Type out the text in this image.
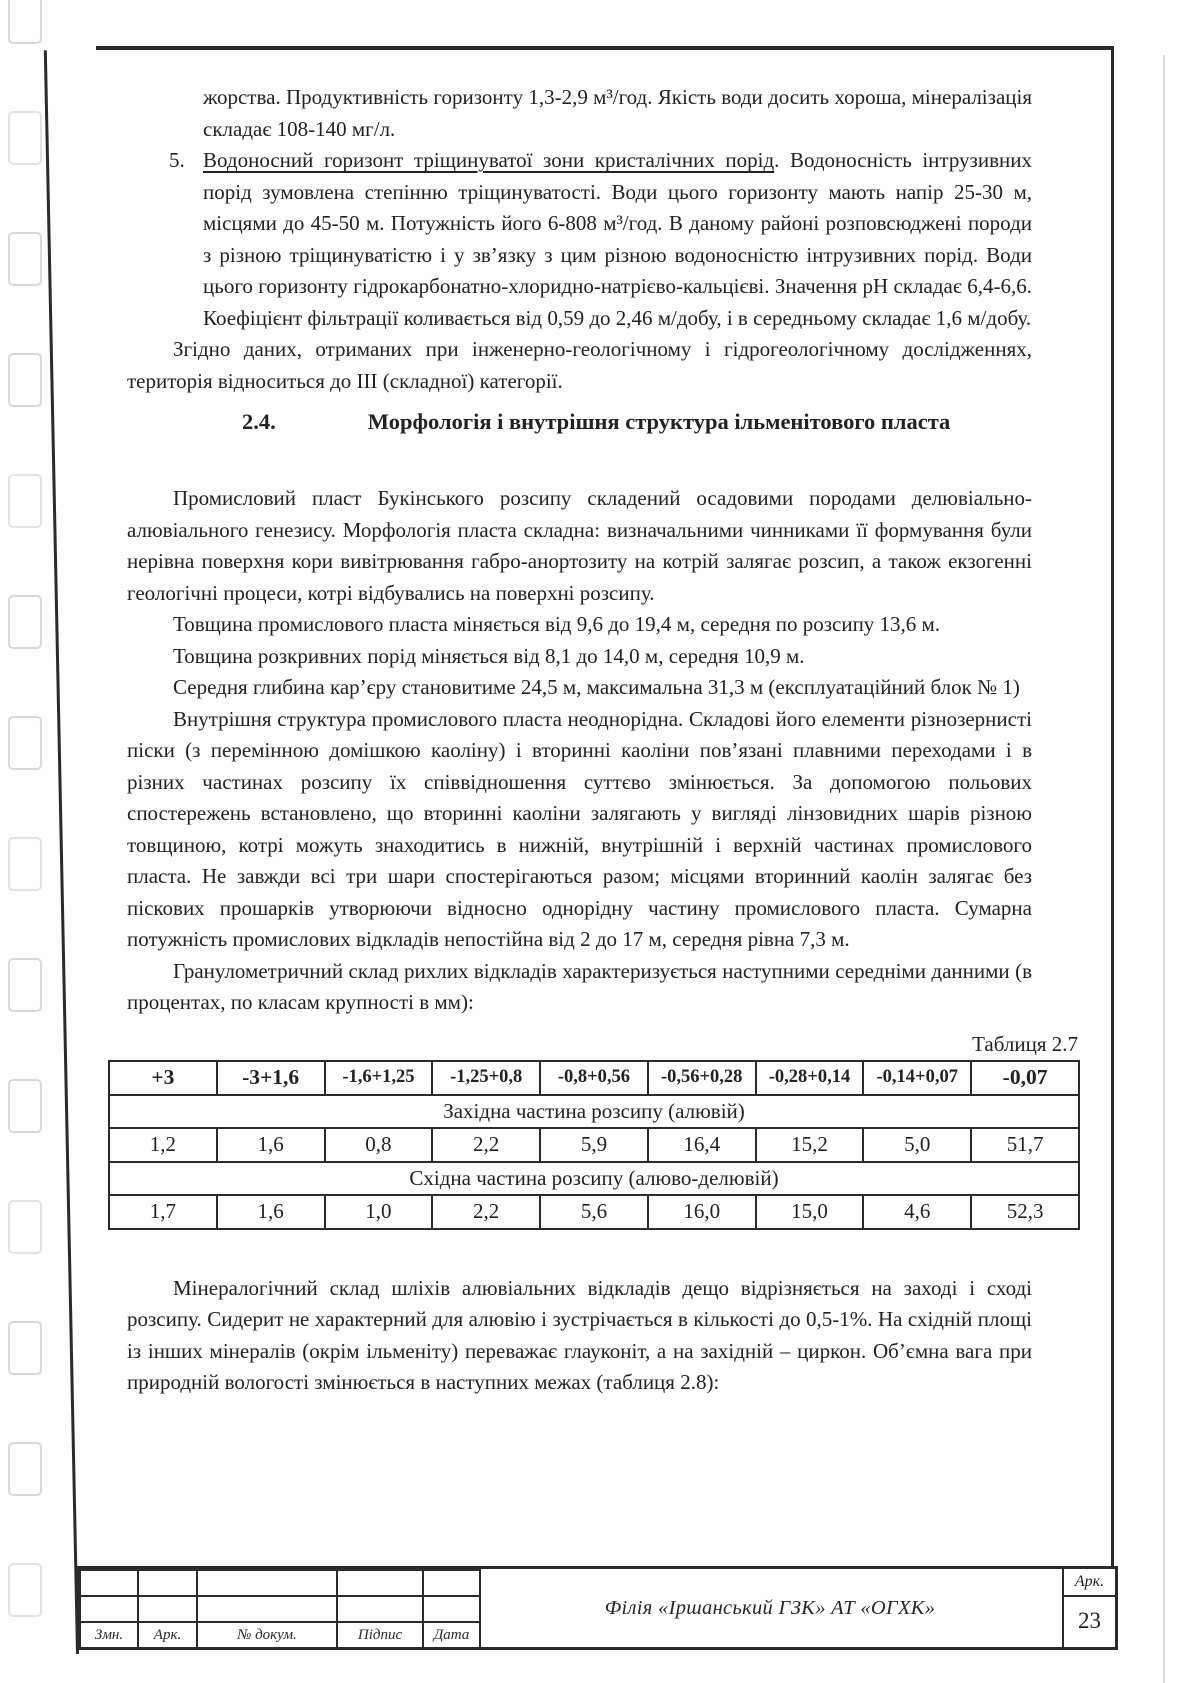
жорства. Продуктивність горизонту 1,3-2,9 м³/год. Якість води досить хороша, мінералізація складає 108-140 мг/л.

5. Водоносний горизонт тріщинуватої зони кристалічних порід. Водоносність інтрузивних порід зумовлена степінню тріщинуватості. Води цього горизонту мають напір 25-30 м, місцями до 45-50 м. Потужність його 6-808 м³/год. В даному районі розповсюджені породи з різною тріщинуватістю і у зв’язку з цим різною водоносністю інтрузивних порід. Води цього горизонту гідрокарбонатно-хлоридно-натрієво-кальцієві. Значення рН складає 6,4-6,6. Коефіцієнт фільтрації коливається від 0,59 до 2,46 м/добу, і в середньому складає 1,6 м/добу.

Згідно даних, отриманих при інженерно-геологічному і гідрогеологічному дослідженнях, територія відноситься до III (складної) категорії.

2.4.	Морфологія і внутрішня структура ільменітового пласта

Промисловий пласт Букінського розсипу складений осадовими породами делювіально-алювіального генезису. Морфологія пласта складна: визначальними чинниками її формування були нерівна поверхня кори вивітрювання габро-анортозиту на котрій залягає розсип, а також екзогенні геологічні процеси, котрі відбувались на поверхні розсипу.

Товщина промислового пласта міняється від 9,6 до 19,4 м, середня по розсипу 13,6 м.

Товщина розкривних порід міняється від 8,1 до 14,0 м, середня 10,9 м.

Середня глибина кар’єру становитиме 24,5 м, максимальна 31,3 м (експлуатаційний блок № 1)

Внутрішня структура промислового пласта неоднорідна. Складові його елементи різнозернисті піски (з перемінною домішкою каоліну) і вторинні каоліни пов’язані плавними переходами і в різних частинах розсипу їх співвідношення суттєво змінюється. За допомогою польових спостережень встановлено, що вторинні каоліни залягають у вигляді лінзовидних шарів різною товщиною, котрі можуть знаходитись в нижній, внутрішній і верхній частинах промислового пласта. Не завжди всі три шари спостерігаються разом; місцями вторинний каолін залягає без піскових прошарків утворюючи відносно однорідну частину промислового пласта. Сумарна потужність промислових відкладів непостійна від 2 до 17 м, середня рівна 7,3 м.

Гранулометричний склад рихлих відкладів характеризується наступними середніми данними (в процентах, по класам крупності в мм):

Таблиця 2.7
+3	-3+1,6	-1,6+1,25	-1,25+0,8	-0,8+0,56	-0,56+0,28	-0,28+0,14	-0,14+0,07	-0,07
Західна частина розсипу (алювій)								
1,2	1,6	0,8	2,2	5,9	16,4	15,2	5,0	51,7
Східна частина розсипу (алюво-делювій)								
1,7	1,6	1,0	2,2	5,6	16,0	15,0	4,6	52,3

Мінералогічний склад шліхів алювіальних відкладів дещо відрізняється на заході і сході розсипу. Сидерит не характерний для алювію і зустрічається в кількості до 0,5-1%. На східній площі із інших мінералів (окрім ільменіту) переважає глауконіт, а на західній – циркон. Об’ємна вага при природній вологості змінюється в наступних межах (таблиця 2.8):

Змн.	Арк.	№ докум.	Підпис	Дата
Філія «Іршанський ГЗК» АТ «ОГХК»
Арк.
23
